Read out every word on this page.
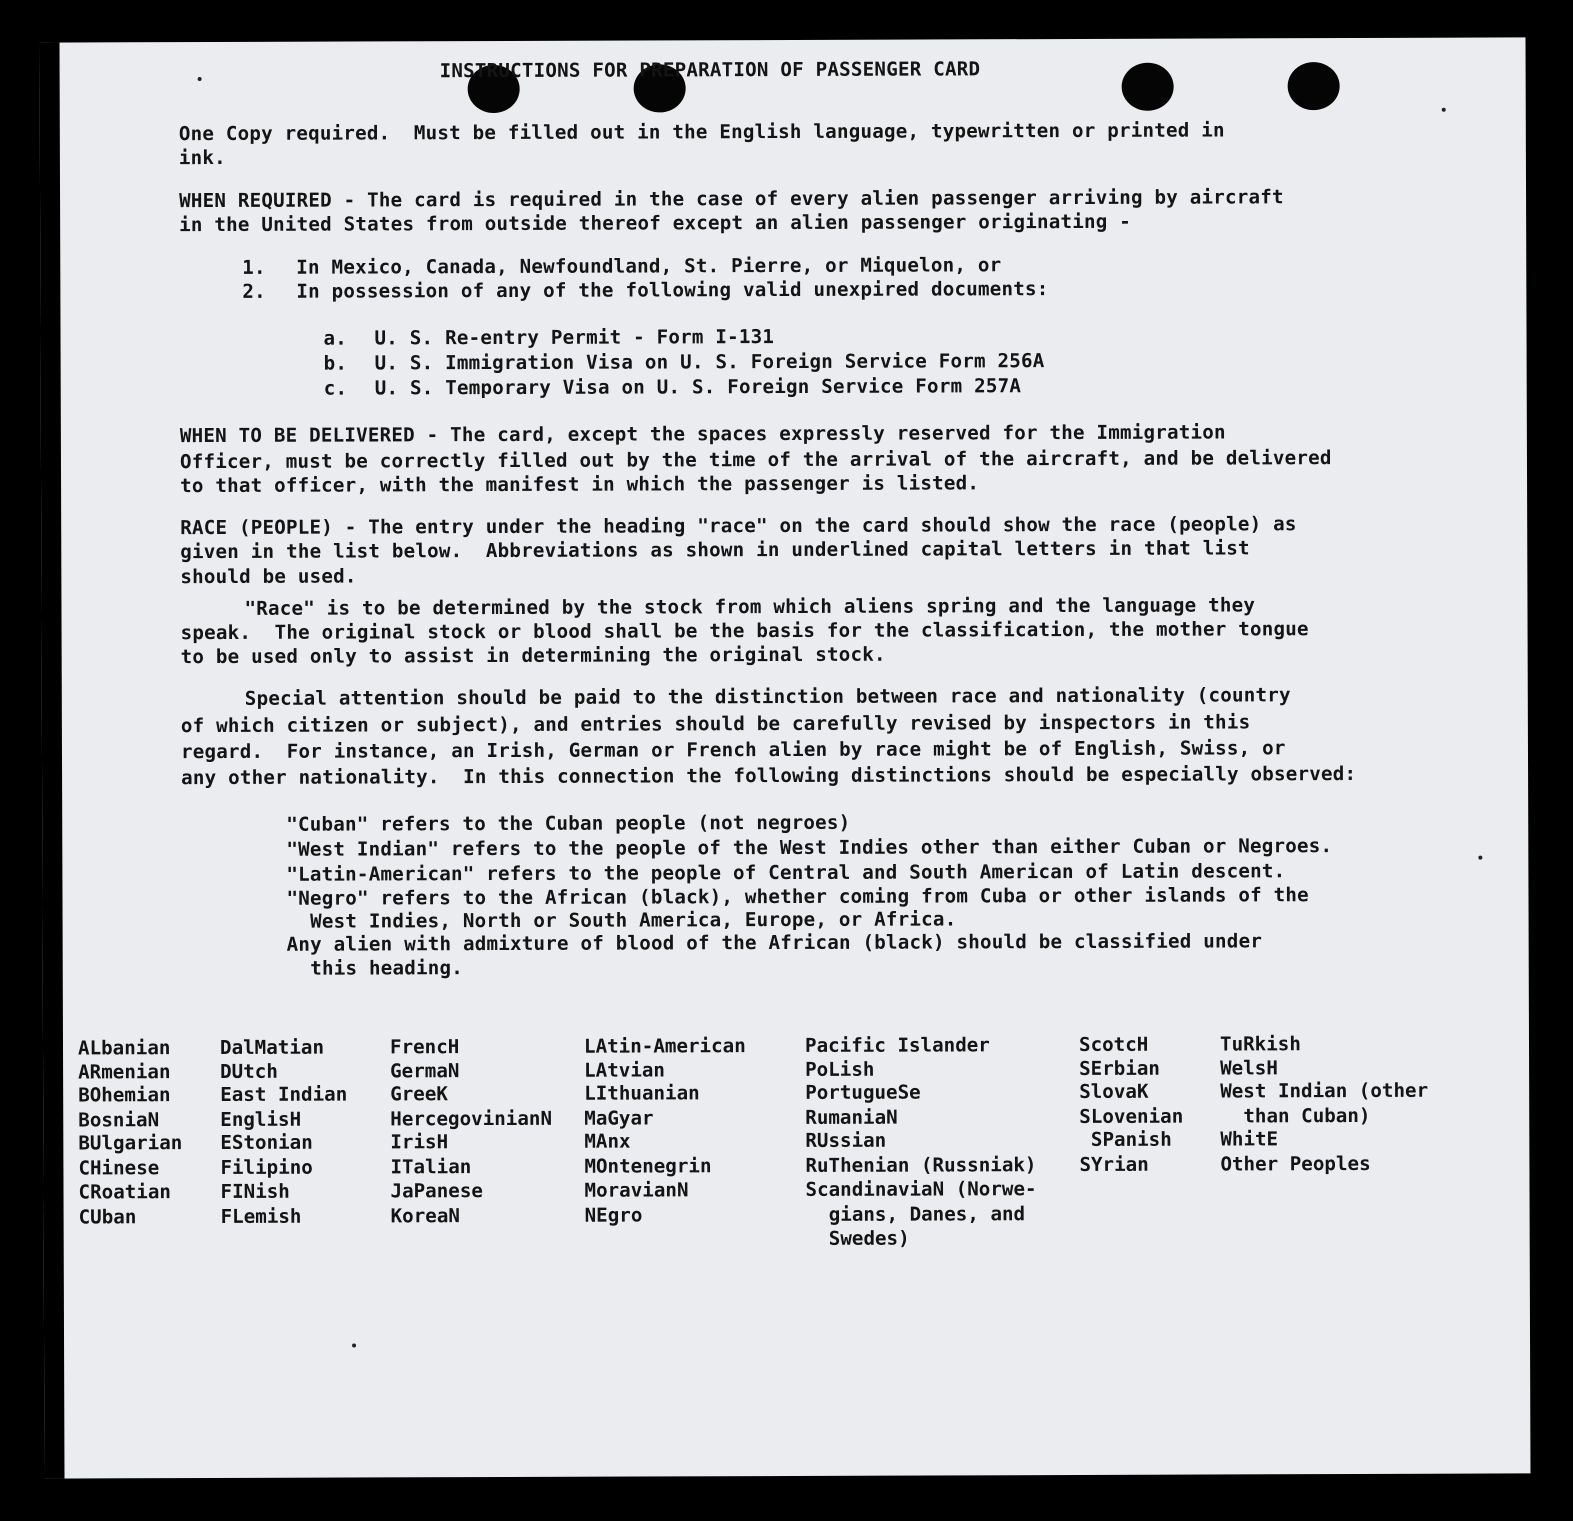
INSTRUCTIONS FOR PREPARATION OF PASSENGER CARD
One Copy required.  Must be filled out in the English language, typewritten or printed in
ink.
WHEN REQUIRED - The card is required in the case of every alien passenger arriving by aircraft
in the United States from outside thereof except an alien passenger originating -
1. In Mexico, Canada, Newfoundland, St. Pierre, or Miquelon, or
2. In possession of any of the following valid unexpired documents:
a. U. S. Re-entry Permit - Form I-131
b. U. S. Immigration Visa on U. S. Foreign Service Form 256A
c. U. S. Temporary Visa on U. S. Foreign Service Form 257A
WHEN TO BE DELIVERED - The card, except the spaces expressly reserved for the Immigration
Officer, must be correctly filled out by the time of the arrival of the aircraft, and be delivered
to that officer, with the manifest in which the passenger is listed.
RACE (PEOPLE) - The entry under the heading "race" on the card should show the race (people) as
given in the list below.  Abbreviations as shown in underlined capital letters in that list
should be used.
"Race" is to be determined by the stock from which aliens spring and the language they
speak.  The original stock or blood shall be the basis for the classification, the mother tongue
to be used only to assist in determining the original stock.
Special attention should be paid to the distinction between race and nationality (country
of which citizen or subject), and entries should be carefully revised by inspectors in this
regard.  For instance, an Irish, German or French alien by race might be of English, Swiss, or
any other nationality.  In this connection the following distinctions should be especially observed:
"Cuban" refers to the Cuban people (not negroes)
"West Indian" refers to the people of the West Indies other than either Cuban or Negroes.
"Latin-American" refers to the people of Central and South American of Latin descent.
"Negro" refers to the African (black), whether coming from Cuba or other islands of the
West Indies, North or South America, Europe, or Africa.
Any alien with admixture of blood of the African (black) should be classified under
this heading.
ALbanian
ARmenian
BOhemian
BosniaN
BUlgarian
CHinese
CRoatian
CUban
DalMatian
DUtch
East Indian
EnglisH
EStonian
Filipino
FINish
FLemish
FrencH
GermaN
GreeK
HercegovinianN
IrisH
ITalian
JaPanese
KoreaN
LAtin-American
LAtvian
LIthuanian
MaGyar
MAnx
MOntenegrin
MoravianN
NEgro
Pacific Islander
PoLish
PortugueSe
RumaniaN
RUssian
RuThenian (Russniak)
ScandinaviaN (Norwe-
gians, Danes, and
Swedes)
ScotcH
SErbian
SlovaK
SLovenian
SPanish
SYrian
TuRkish
WelsH
West Indian (other
than Cuban)
WhitE
Other Peoples
